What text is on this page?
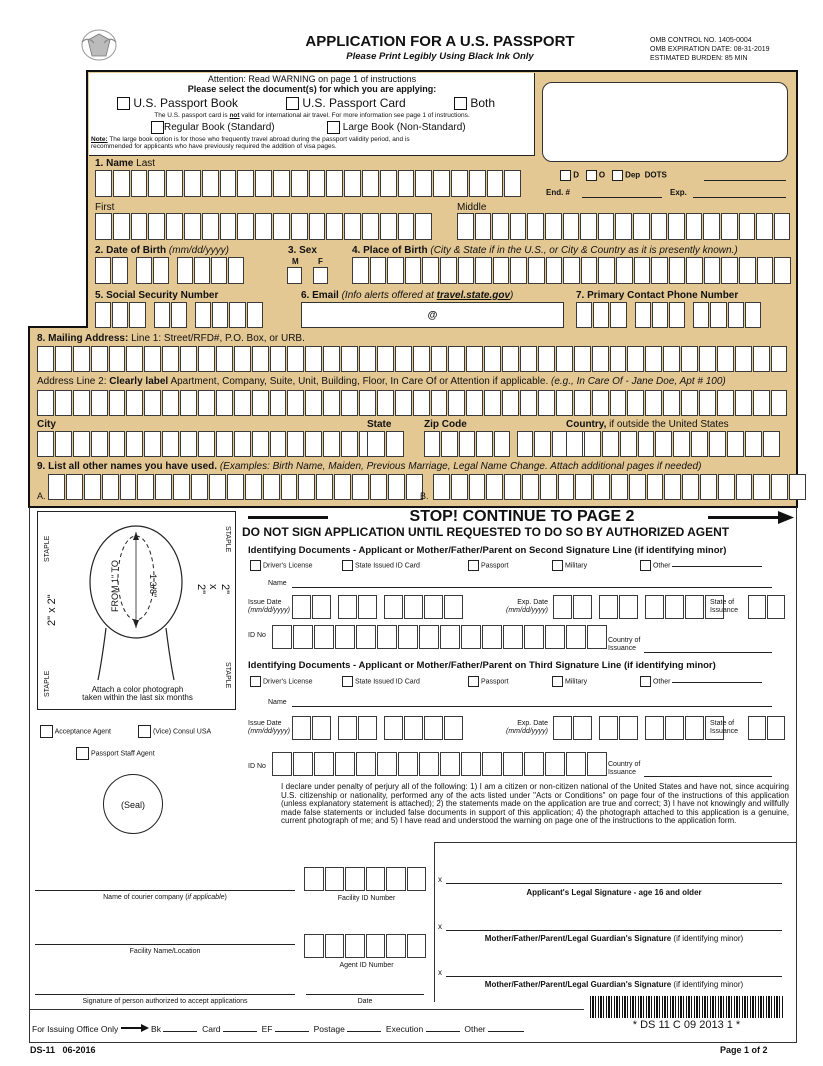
APPLICATION FOR A U.S. PASSPORT
Please Print Legibly Using Black Ink Only
OMB CONTROL NO. 1405-0004
OMB EXPIRATION DATE: 08-31-2019
ESTIMATED BURDEN: 85 MIN
Attention: Read WARNING on page 1 of instructions
Please select the document(s) for which you are applying:
U.S. Passport Book	U.S. Passport Card	Both
The U.S. passport card is not valid for international air travel. For more information see page 1 of instructions.
Regular Book (Standard)	Large Book (Non-Standard)
Note: The large book option is for those who frequently travel abroad during the passport validity period, and is
recommended for applicants who have previously required the addition of visa pages.
D O Dep DOTS
End. #	Exp.
1. Name Last
First	Middle
2. Date of Birth (mm/dd/yyyy)	3. Sex
M F
4. Place of Birth (City & State if in the U.S., or City & Country as it is presently known.)
5. Social Security Number	6. Email (Info alerts offered at travel.state.gov)	7. Primary Contact Phone Number
@
8. Mailing Address: Line 1: Street/RFD#, P.O. Box, or URB.
Address Line 2: Clearly label Apartment, Company, Suite, Unit, Building, Floor, In Care Of or Attention if applicable. (e.g., In Care Of - Jane Doe, Apt # 100)
City	State	Zip Code	Country, if outside the United States
9. List all other names you have used. (Examples: Birth Name, Maiden, Previous Marriage, Legal Name Change. Attach additional pages if needed)
A.	B.
STAPLE	STAPLE
STAPLE	STAPLE
2" x 2"
2" x 2"
FROM 1" TO	1 3/8"
Attach a color photograph
taken within the last six months
STOP! CONTINUE TO PAGE 2
DO NOT SIGN APPLICATION UNTIL REQUESTED TO DO SO BY AUTHORIZED AGENT
Identifying Documents - Applicant or Mother/Father/Parent on Second Signature Line (if identifying minor)
Driver's License	State Issued ID Card	Passport	Military	Other
Name
Issue Date
(mm/dd/yyyy)
Exp. Date
(mm/dd/yyyy)
State of
Issuance
ID No
Country of
Issuance
Identifying Documents - Applicant or Mother/Father/Parent on Third Signature Line (if identifying minor)
Driver's License	State Issued ID Card	Passport	Military	Other
Name
Issue Date
(mm/dd/yyyy)
Exp. Date
(mm/dd/yyyy)
State of
Issuance
ID No	Country of
Issuance
Acceptance Agent	(Vice) Consul USA
Passport Staff Agent
(Seal)
I declare under penalty of perjury all of the following: 1) I am a citizen or non-citizen national of the United States and have not, since acquiring U.S. citizenship or nationality, performed any of the acts listed under "Acts or Conditions" on page four of the instructions of this application (unless explanatory statement is attached); 2) the statements made on the application are true and correct; 3) I have not knowingly and willfully made false statements or included false documents in support of this application; 4) the photograph attached to this application is a genuine, current photograph of me; and 5) I have read and understood the warning on page one of the instructions to the application form.
x
Applicant's Legal Signature - age 16 and older
x
Mother/Father/Parent/Legal Guardian's Signature (if identifying minor)
x
Mother/Father/Parent/Legal Guardian's Signature (if identifying minor)
Name of courier company (if applicable)	Facility ID Number
Facility Name/Location
Agent ID Number
Signature of person authorized to accept applications	Date
For Issuing Office Only	Bk	Card	EF	Postage	Execution	Other	* DS 11 C 09 2013 1 *
DS-11 06-2016	Page 1 of 2
